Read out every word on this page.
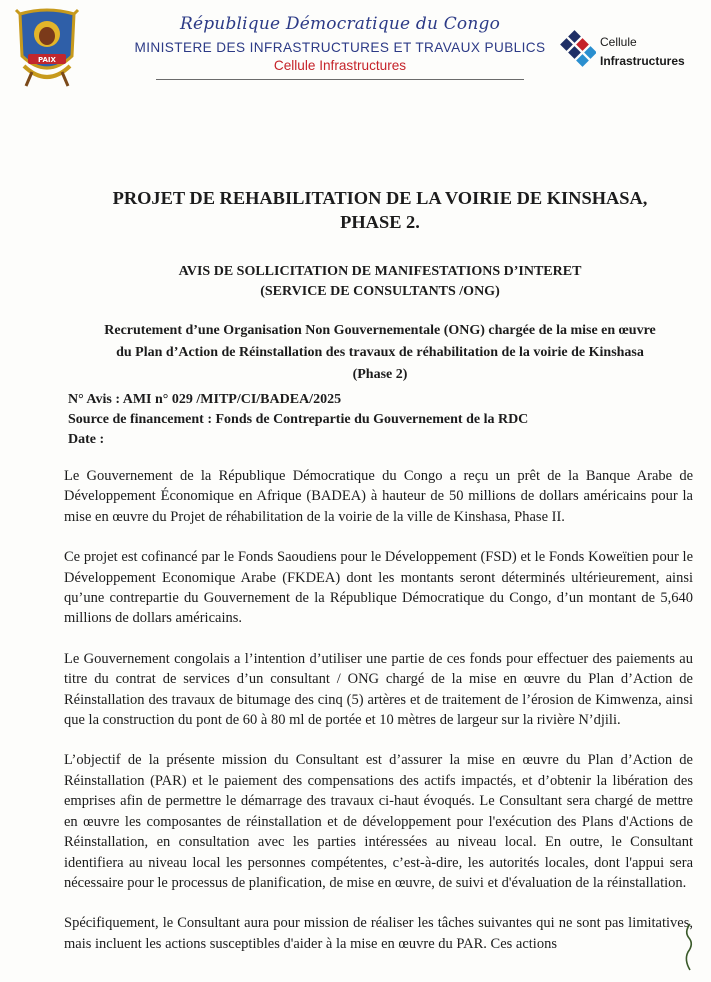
PAIX
République Démocratique du Congo
MINISTERE DES INFRASTRUCTURES ET TRAVAUX PUBLICS
Cellule Infrastructures
Cellule
Infrastructures
PROJET DE REHABILITATION DE LA VOIRIE DE KINSHASA,
PHASE 2.
AVIS DE SOLLICITATION DE MANIFESTATIONS D’INTERET
(SERVICE DE CONSULTANTS /ONG)
Recrutement d’une Organisation Non Gouvernementale (ONG) chargée de la mise en œuvre
du Plan d’Action de Réinstallation des travaux de réhabilitation de la voirie de Kinshasa
(Phase 2)
N° Avis : AMI n° 029 /MITP/CI/BADEA/2025
Source de financement : Fonds de Contrepartie du Gouvernement de la RDC
Date :

Le Gouvernement de la République Démocratique du Congo a reçu un prêt de la Banque Arabe de Développement Économique en Afrique (BADEA) à hauteur de 50 millions de dollars américains pour la mise en œuvre du Projet de réhabilitation de la voirie de la ville de Kinshasa, Phase II.

Ce projet est cofinancé par le Fonds Saoudiens pour le Développement (FSD) et le Fonds Koweïtien pour le Développement Economique Arabe (FKDEA) dont les montants seront déterminés ultérieurement, ainsi qu’une contrepartie du Gouvernement de la République Démocratique du Congo, d’un montant de 5,640 millions de dollars américains.

Le Gouvernement congolais a l’intention d’utiliser une partie de ces fonds pour effectuer des paiements au titre du contrat de services d’un consultant / ONG chargé de la mise en œuvre du Plan d’Action de Réinstallation des travaux de bitumage des cinq (5) artères et de traitement de l’érosion de Kimwenza, ainsi que la construction du pont de 60 à 80 ml de portée et 10 mètres de largeur sur la rivière N’djili.

L’objectif de la présente mission du Consultant est d’assurer la mise en œuvre du Plan d’Action de Réinstallation (PAR) et le paiement des compensations des actifs impactés, et d’obtenir la libération des emprises afin de permettre le démarrage des travaux ci-haut évoqués. Le Consultant sera chargé de mettre en œuvre les composantes de réinstallation et de développement pour l'exécution des Plans d'Actions de Réinstallation, en consultation avec les parties intéressées au niveau local. En outre, le Consultant identifiera au niveau local les personnes compétentes, c’est-à-dire, les autorités locales, dont l'appui sera nécessaire pour le processus de planification, de mise en œuvre, de suivi et d'évaluation de la réinstallation.

Spécifiquement, le Consultant aura pour mission de réaliser les tâches suivantes qui ne sont pas limitatives, mais incluent les actions susceptibles d'aider à la mise en œuvre du PAR. Ces actions
